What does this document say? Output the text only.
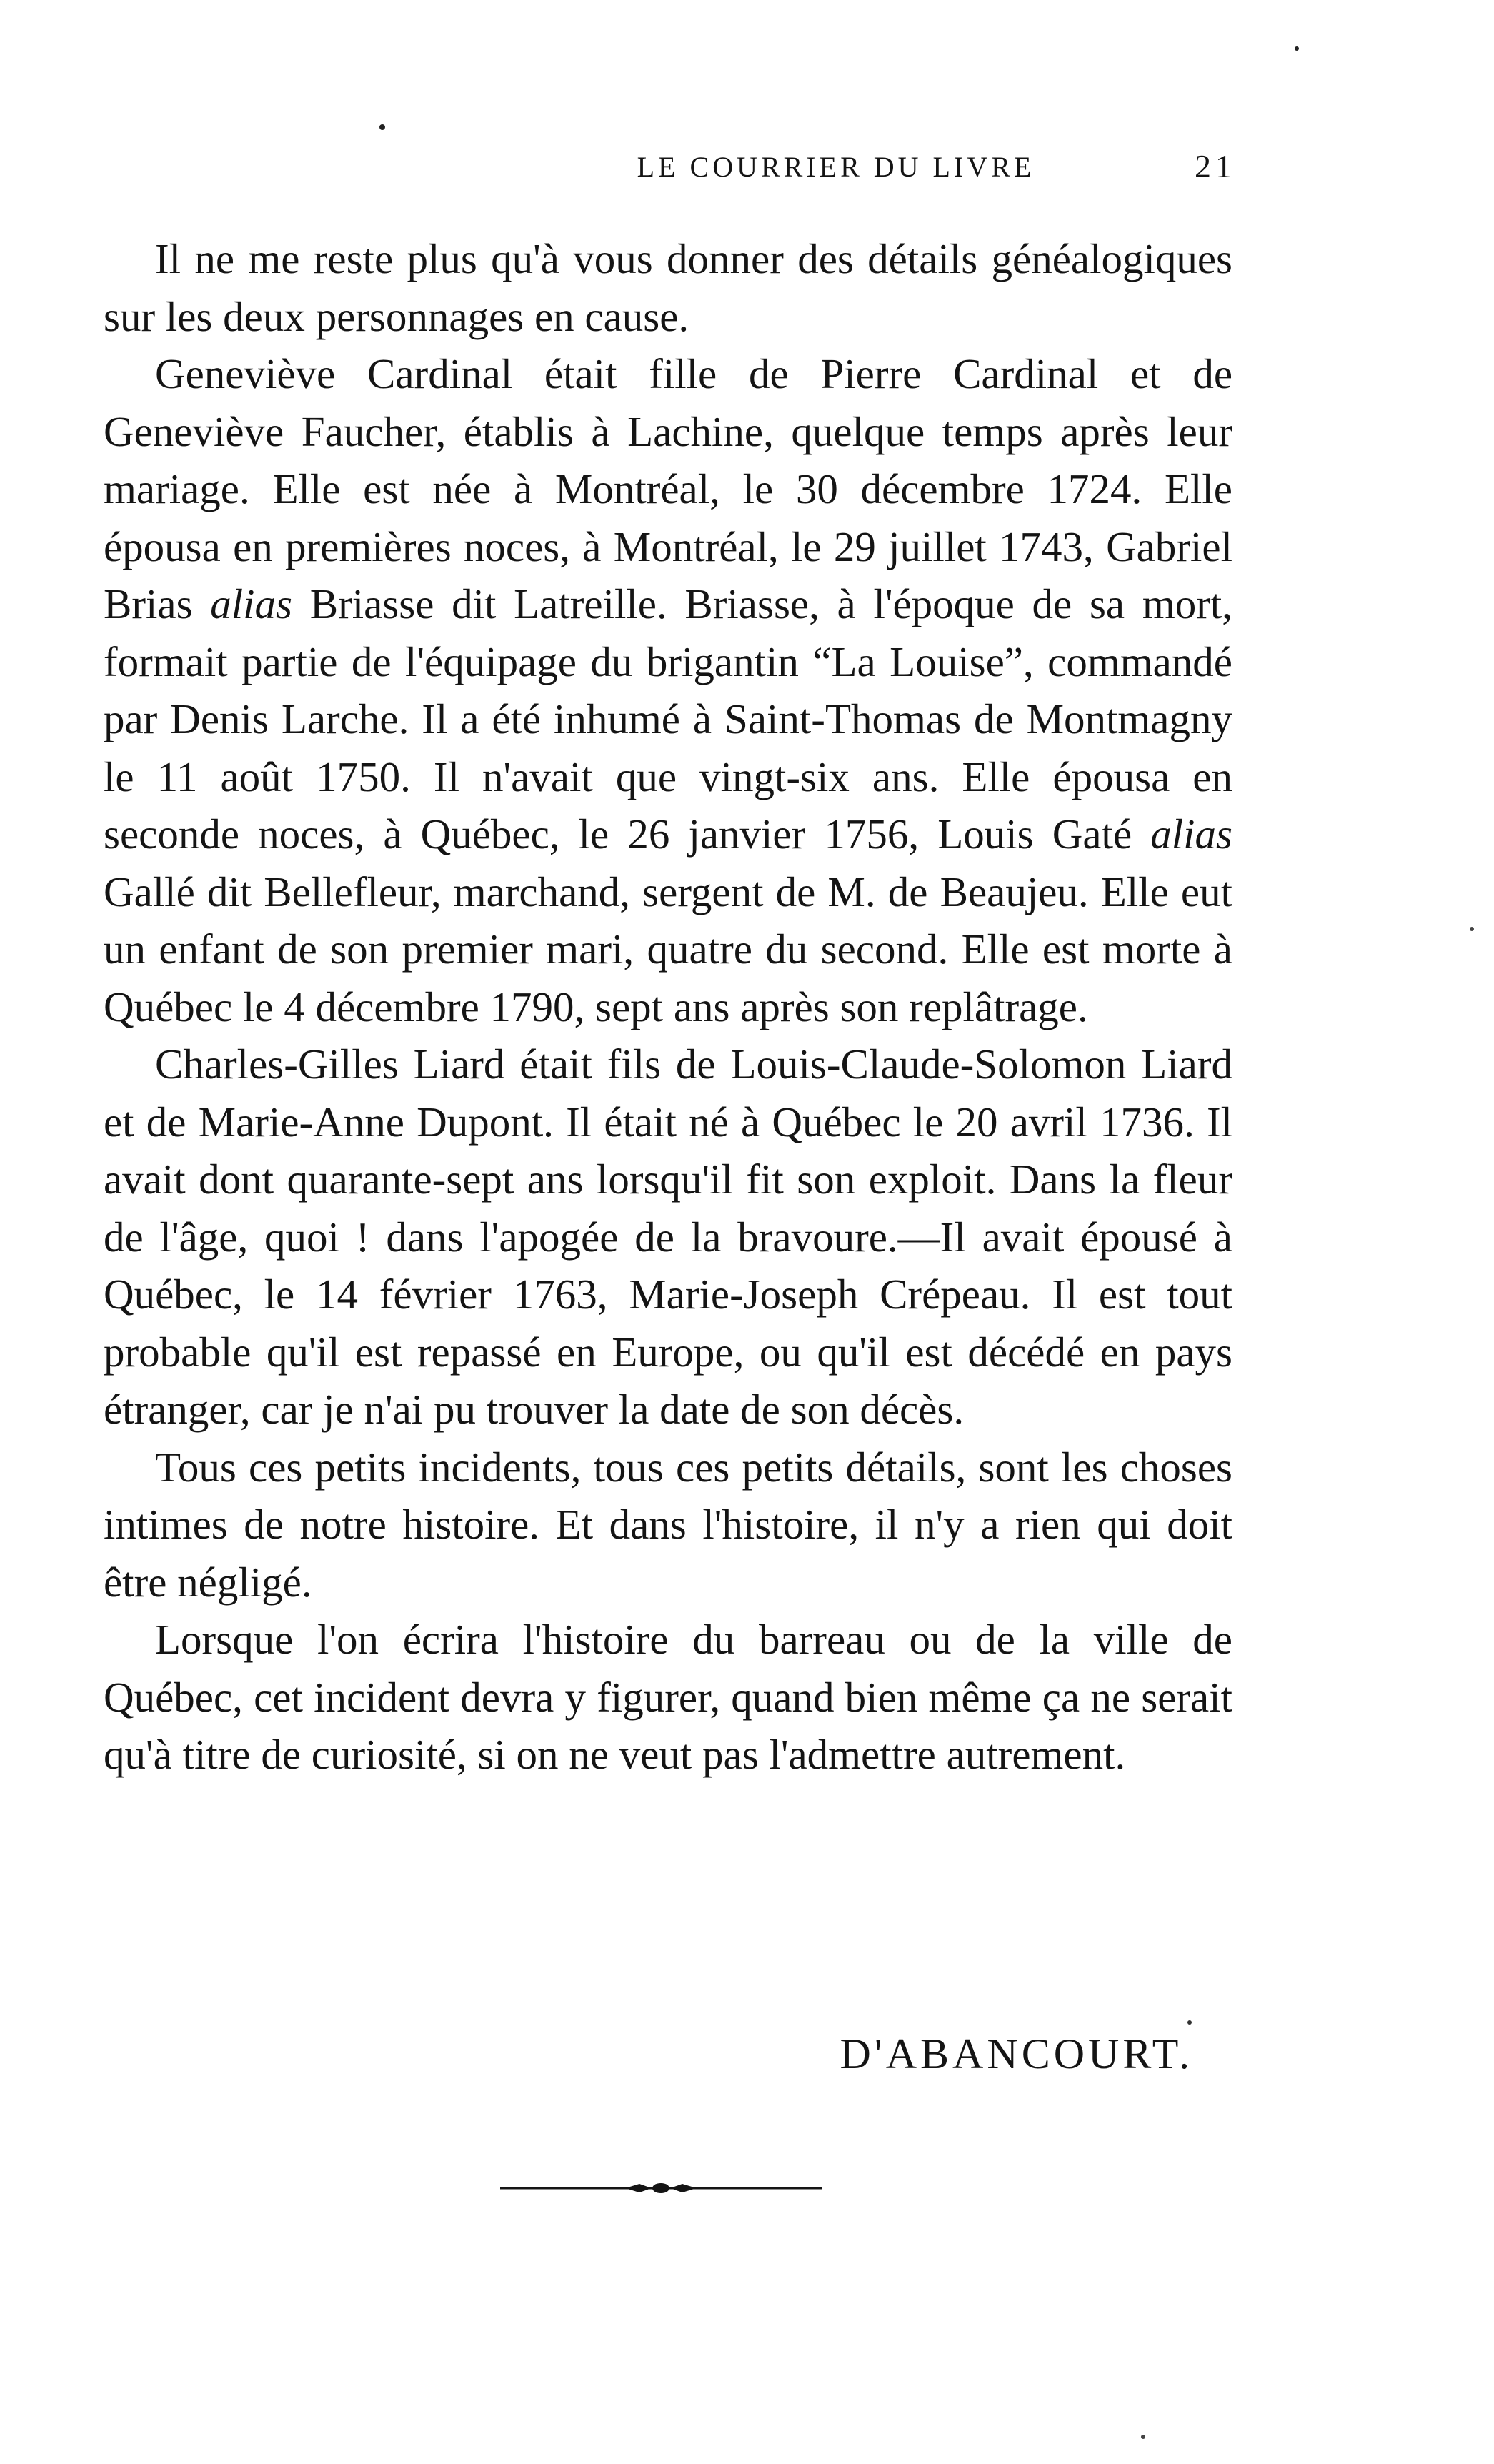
LE COURRIER DU LIVRE	21

Il ne me reste plus qu'à vous donner des détails généalogiques sur les deux personnages en cause.

Geneviève Cardinal était fille de Pierre Cardinal et de Geneviève Faucher, établis à Lachine, quelque temps après leur mariage. Elle est née à Montréal, le 30 décembre 1724. Elle épousa en premières noces, à Montréal, le 29 juillet 1743, Gabriel Brias alias Briasse dit Latreille. Briasse, à l'époque de sa mort, formait partie de l'équipage du brigantin “La Louise”, commandé par Denis Larche. Il a été inhumé à Saint-Thomas de Montmagny le 11 août 1750. Il n'avait que vingt-six ans. Elle épousa en seconde noces, à Québec, le 26 janvier 1756, Louis Gaté alias Gallé dit Bellefleur, marchand, sergent de M. de Beaujeu. Elle eut un enfant de son premier mari, quatre du second. Elle est morte à Québec le 4 décembre 1790, sept ans après son replâtrage.

Charles-Gilles Liard était fils de Louis-Claude-Solomon Liard et de Marie-Anne Dupont. Il était né à Québec le 20 avril 1736. Il avait dont quarante-sept ans lorsqu'il fit son exploit. Dans la fleur de l'âge, quoi ! dans l'apogée de la bravoure.—Il avait épousé à Québec, le 14 février 1763, Marie-Joseph Crépeau. Il est tout probable qu'il est repassé en Europe, ou qu'il est décédé en pays étranger, car je n'ai pu trouver la date de son décès.

Tous ces petits incidents, tous ces petits détails, sont les choses intimes de notre histoire. Et dans l'histoire, il n'y a rien qui doit être négligé.

Lorsque l'on écrira l'histoire du barreau ou de la ville de Québec, cet incident devra y figurer, quand bien même ça ne serait qu'à titre de curiosité, si on ne veut pas l'admettre autrement.

D'ABANCOURT.
